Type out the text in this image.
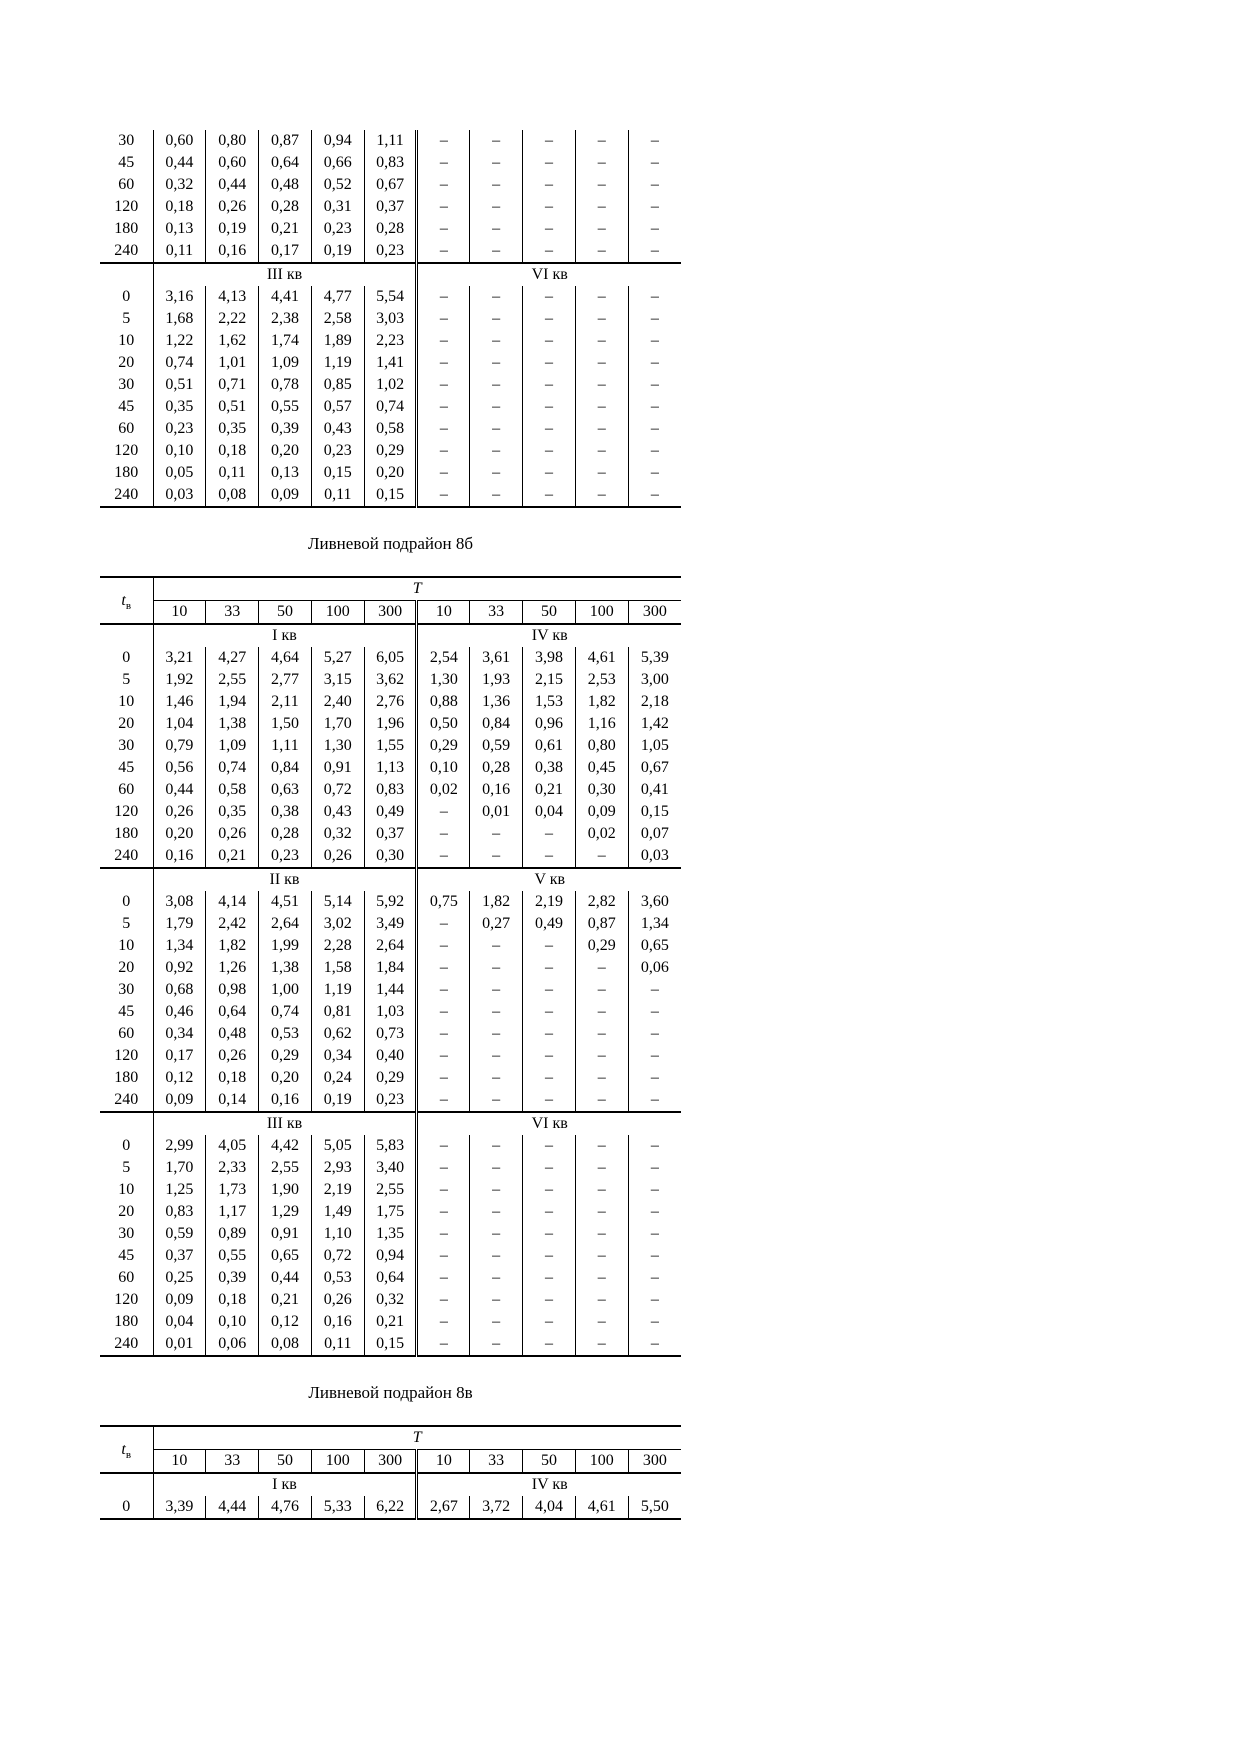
30	0,60	0,80	0,87	0,94	1,11	–	–	–	–	–
45	0,44	0,60	0,64	0,66	0,83	–	–	–	–	–
60	0,32	0,44	0,48	0,52	0,67	–	–	–	–	–
120	0,18	0,26	0,28	0,31	0,37	–	–	–	–	–
180	0,13	0,19	0,21	0,23	0,28	–	–	–	–	–
240	0,11	0,16	0,17	0,19	0,23	–	–	–	–	–
	III кв					VI кв				
0	3,16	4,13	4,41	4,77	5,54	–	–	–	–	–
5	1,68	2,22	2,38	2,58	3,03	–	–	–	–	–
10	1,22	1,62	1,74	1,89	2,23	–	–	–	–	–
20	0,74	1,01	1,09	1,19	1,41	–	–	–	–	–
30	0,51	0,71	0,78	0,85	1,02	–	–	–	–	–
45	0,35	0,51	0,55	0,57	0,74	–	–	–	–	–
60	0,23	0,35	0,39	0,43	0,58	–	–	–	–	–
120	0,10	0,18	0,20	0,23	0,29	–	–	–	–	–
180	0,05	0,11	0,13	0,15	0,20	–	–	–	–	–
240	0,03	0,08	0,09	0,11	0,15	–	–	–	–	–
Ливневой подрайон 8б
$t_в$	T									
	10	33	50	100	300	10	33	50	100	300
	I кв					IV кв				
0	3,21	4,27	4,64	5,27	6,05	2,54	3,61	3,98	4,61	5,39
5	1,92	2,55	2,77	3,15	3,62	1,30	1,93	2,15	2,53	3,00
10	1,46	1,94	2,11	2,40	2,76	0,88	1,36	1,53	1,82	2,18
20	1,04	1,38	1,50	1,70	1,96	0,50	0,84	0,96	1,16	1,42
30	0,79	1,09	1,11	1,30	1,55	0,29	0,59	0,61	0,80	1,05
45	0,56	0,74	0,84	0,91	1,13	0,10	0,28	0,38	0,45	0,67
60	0,44	0,58	0,63	0,72	0,83	0,02	0,16	0,21	0,30	0,41
120	0,26	0,35	0,38	0,43	0,49	–	0,01	0,04	0,09	0,15
180	0,20	0,26	0,28	0,32	0,37	–	–	–	0,02	0,07
240	0,16	0,21	0,23	0,26	0,30	–	–	–	–	0,03
	II кв					V кв				
0	3,08	4,14	4,51	5,14	5,92	0,75	1,82	2,19	2,82	3,60
5	1,79	2,42	2,64	3,02	3,49	–	0,27	0,49	0,87	1,34
10	1,34	1,82	1,99	2,28	2,64	–	–	–	0,29	0,65
20	0,92	1,26	1,38	1,58	1,84	–	–	–	–	0,06
30	0,68	0,98	1,00	1,19	1,44	–	–	–	–	–
45	0,46	0,64	0,74	0,81	1,03	–	–	–	–	–
60	0,34	0,48	0,53	0,62	0,73	–	–	–	–	–
120	0,17	0,26	0,29	0,34	0,40	–	–	–	–	–
180	0,12	0,18	0,20	0,24	0,29	–	–	–	–	–
240	0,09	0,14	0,16	0,19	0,23	–	–	–	–	–
	III кв					VI кв				
0	2,99	4,05	4,42	5,05	5,83	–	–	–	–	–
5	1,70	2,33	2,55	2,93	3,40	–	–	–	–	–
10	1,25	1,73	1,90	2,19	2,55	–	–	–	–	–
20	0,83	1,17	1,29	1,49	1,75	–	–	–	–	–
30	0,59	0,89	0,91	1,10	1,35	–	–	–	–	–
45	0,37	0,55	0,65	0,72	0,94	–	–	–	–	–
60	0,25	0,39	0,44	0,53	0,64	–	–	–	–	–
120	0,09	0,18	0,21	0,26	0,32	–	–	–	–	–
180	0,04	0,10	0,12	0,16	0,21	–	–	–	–	–
240	0,01	0,06	0,08	0,11	0,15	–	–	–	–	–
Ливневой подрайон 8в
$t_в$	T									
	10	33	50	100	300	10	33	50	100	300
	I кв					IV кв				
0	3,39	4,44	4,76	5,33	6,22	2,67	3,72	4,04	4,61	5,50
